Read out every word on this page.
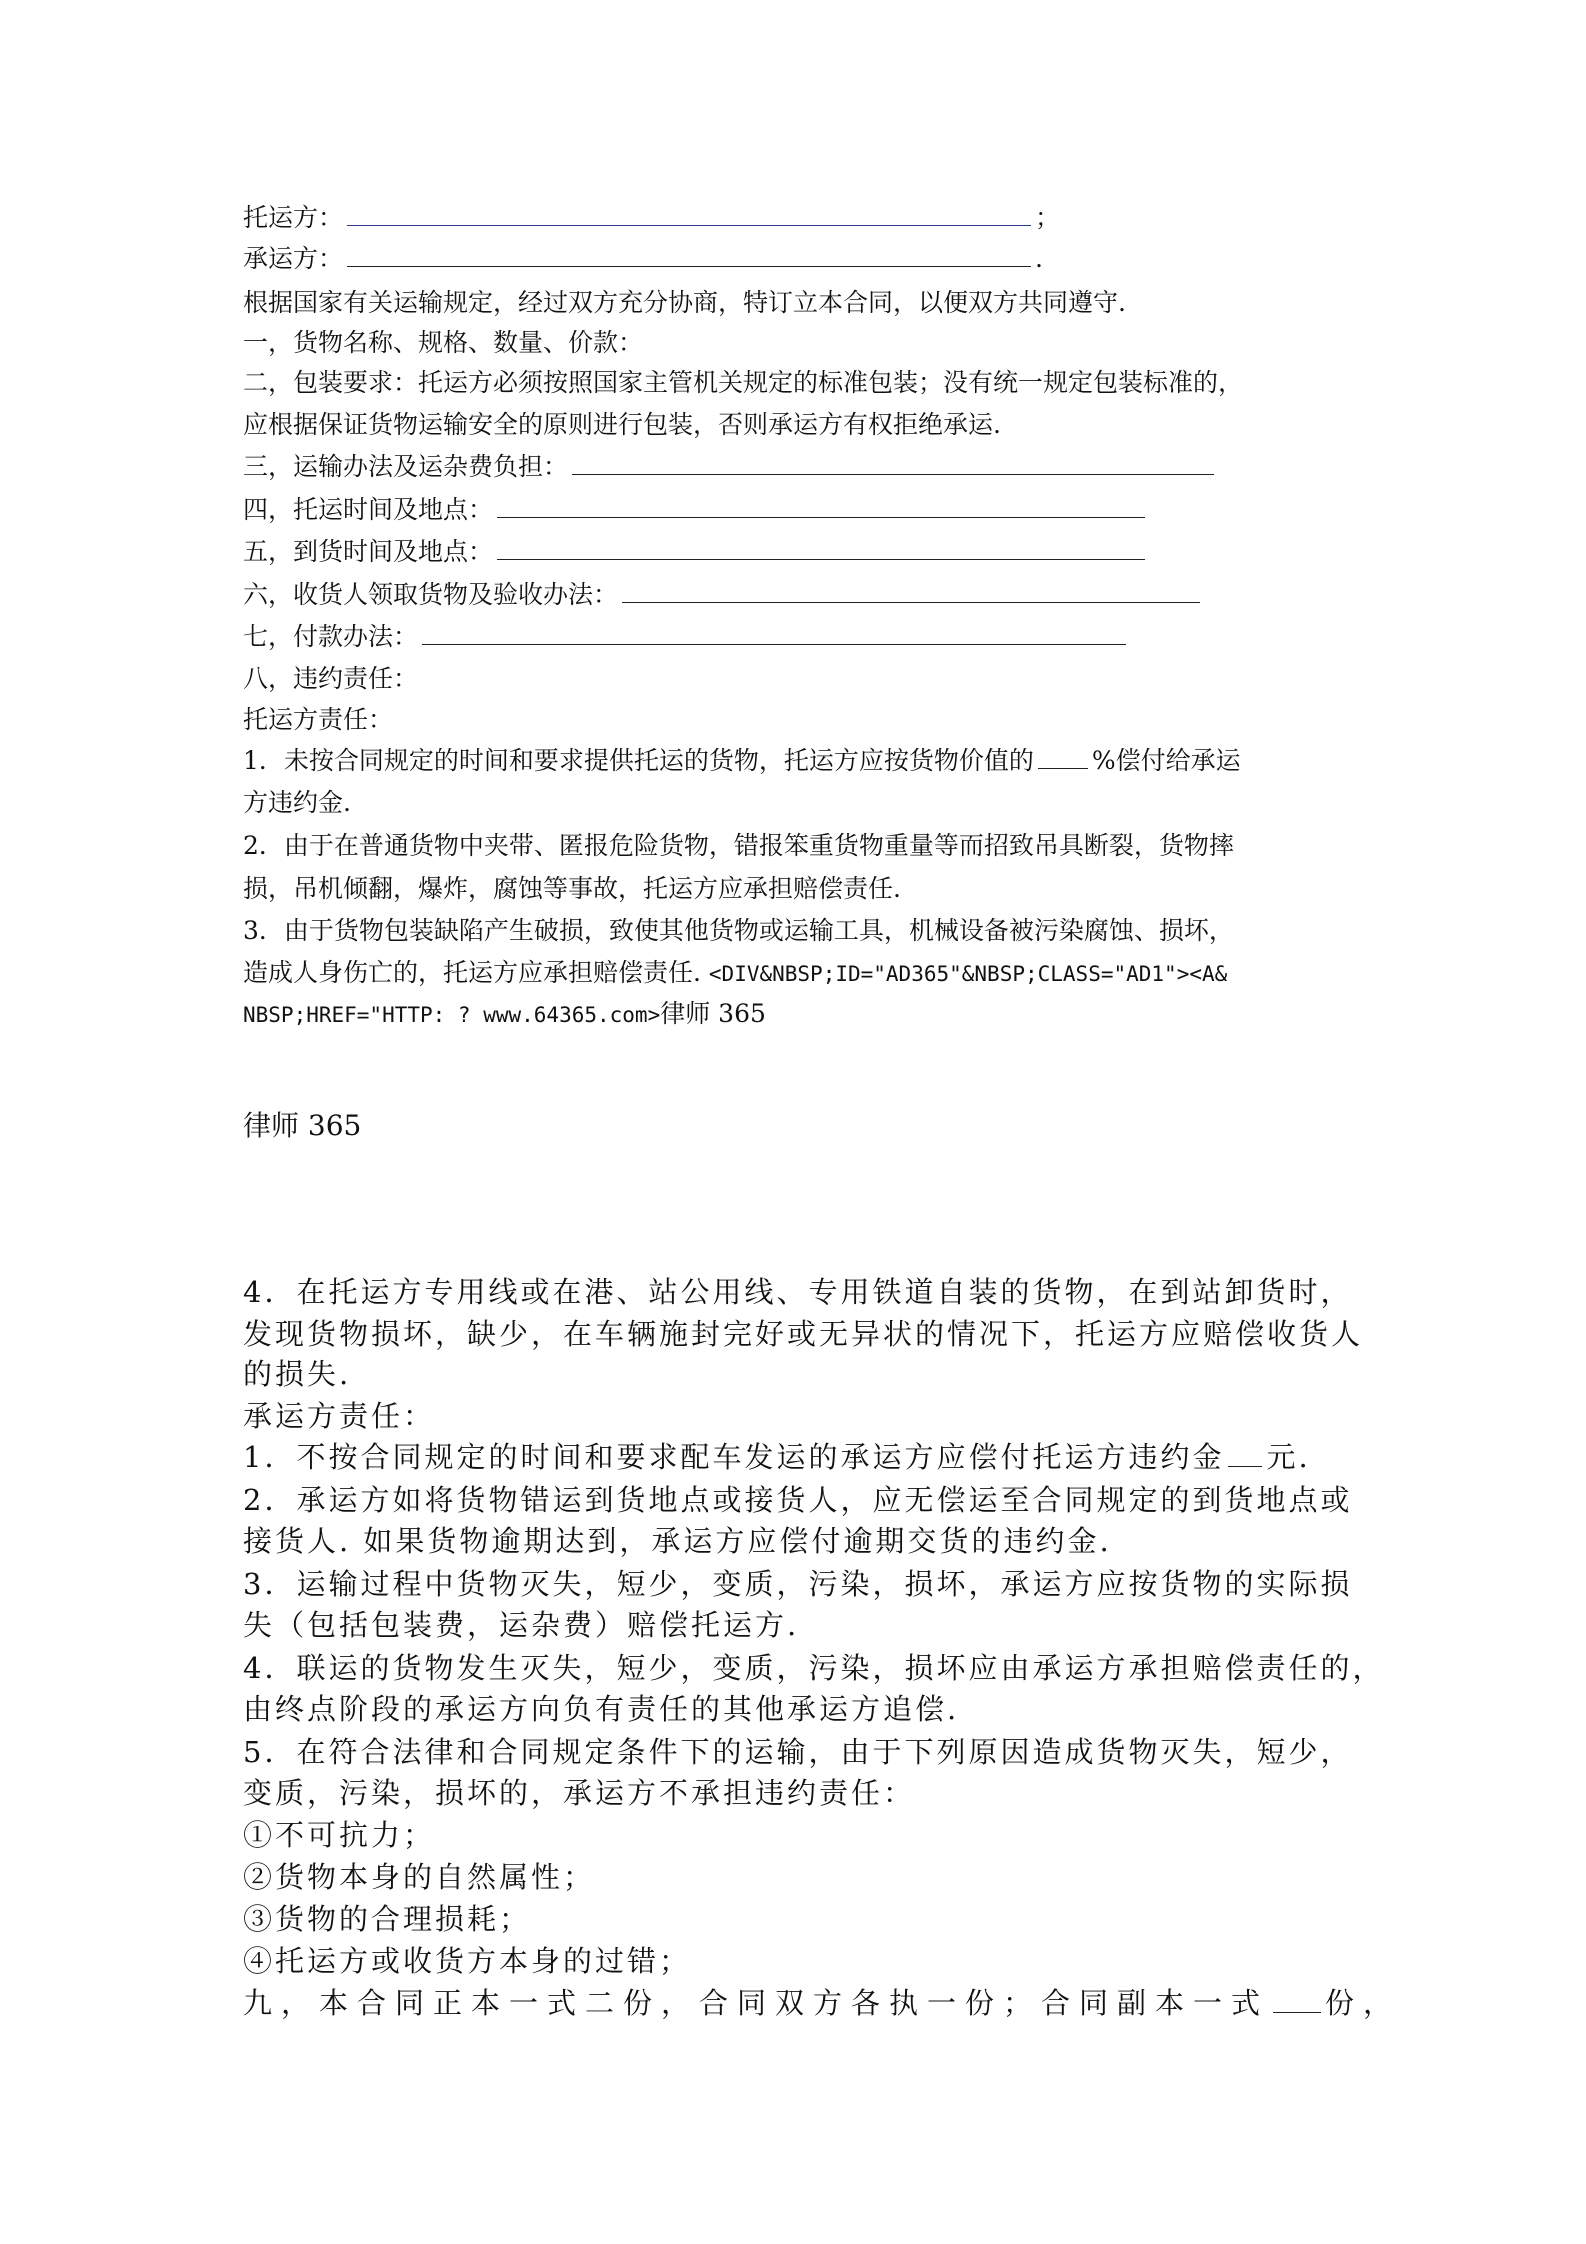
托运方：	；
承运方：	.
根据国家有关运输规定，经过双方充分协商，特订立本合同，以便双方共同遵守.
一，货物名称、规格、数量、价款：
二，包装要求：托运方必须按照国家主管机关规定的标准包装；没有统一规定包装标准的，
应根据保证货物运输安全的原则进行包装，否则承运方有权拒绝承运.
三，运输办法及运杂费负担：
四，托运时间及地点：
五，到货时间及地点：
六，收货人领取货物及验收办法：
七，付款办法：
八，违约责任：
托运方责任：
1．未按合同规定的时间和要求提供托运的货物，托运方应按货物价值的 %偿付给承运
方违约金.
2．由于在普通货物中夹带、匿报危险货物，错报笨重货物重量等而招致吊具断裂，货物摔
损，吊机倾翻，爆炸，腐蚀等事故，托运方应承担赔偿责任.
3．由于货物包装缺陷产生破损，致使其他货物或运输工具，机械设备被污染腐蚀、损坏，
造成人身伤亡的，托运方应承担赔偿责任. <DIV&NBSP;ID="AD365"&NBSP;CLASS="AD1"><A&
NBSP;HREF="HTTP: ? www.64365.com>律师 365
律师 365
4．在托运方专用线或在港、站公用线、专用铁道自装的货物，在到站卸货时，
发现货物损坏，缺少，在车辆施封完好或无异状的情况下，托运方应赔偿收货人
的损失.
承运方责任：
1．不按合同规定的时间和要求配车发运的承运方应偿付托运方违约金 元.
2．承运方如将货物错运到货地点或接货人，应无偿运至合同规定的到货地点或
接货人. 如果货物逾期达到，承运方应偿付逾期交货的违约金.
3．运输过程中货物灭失，短少，变质，污染，损坏，承运方应按货物的实际损
失（包括包装费，运杂费）赔偿托运方.
4．联运的货物发生灭失，短少，变质，污染，损坏应由承运方承担赔偿责任的，
由终点阶段的承运方向负有责任的其他承运方追偿.
5．在符合法律和合同规定条件下的运输，由于下列原因造成货物灭失，短少，
变质，污染，损坏的，承运方不承担违约责任：
①不可抗力；
②货物本身的自然属性；
③货物的合理损耗；
④托运方或收货方本身的过错；
九，本合同正本一式二份，合同双方各执一份；合同副本一式 份，
